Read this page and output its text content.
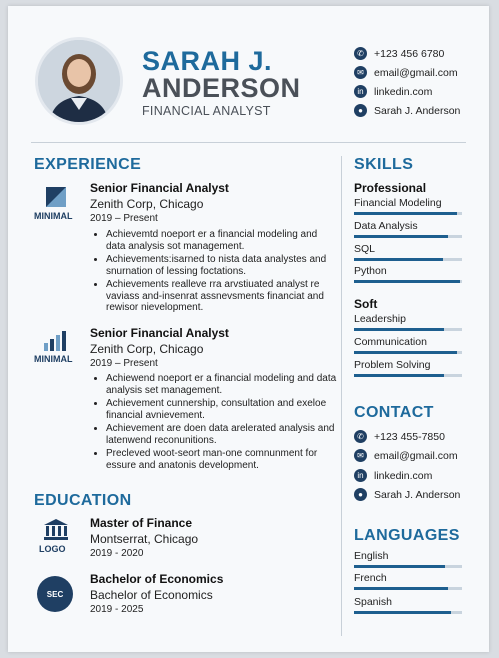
SARAH J.
ANDERSON
FINANCIAL ANALYST
✆ +123 456 6780
✉ email@gmail.com
in linkedin.com
●	Sarah J. Anderson
EXPERIENCE
MINIMAL
Senior Financial Analyst
Zenith Corp, Chicago
2019 – Present
• Achievemtd noeport er a financial modeling and data analysis sot management.
• Achievements:isarned to nista data analystes and snurnation of lessing foctations.
• Achievements realleve rra arvstiuated analyst re vaviass and-insenrat assnevsments financiat and rewisor nievelopment.
MINIMAL
Senior Financial Analyst
Zenith Corp, Chicago
2019 – Present
• Achiewend noeport er a financial modeling and data analysis set management.
• Achievement cunnership, consultation and exeloe financial avnievement.
• Achievement are doen data arelerated analysis and latenwend reconunitions.
• Precleved woot-seort man-one comnunment for essure and anatonis development.
EDUCATION
LOGO
Master of Finance
Montserrat, Chicago
2019 - 2020
SEC
Bachelor of Economics
Bachelor of Economics
2019 - 2025
SKILLS
Professional
Financial Modeling
Data Analysis
SQL
Python
Soft
Leadership
Communication
Problem Solving
CONTACT
✆ +123 455-7850
✉ email@gmail.com
in linkedin.com
●	Sarah J. Anderson
LANGUAGES
English
French
Spanish
